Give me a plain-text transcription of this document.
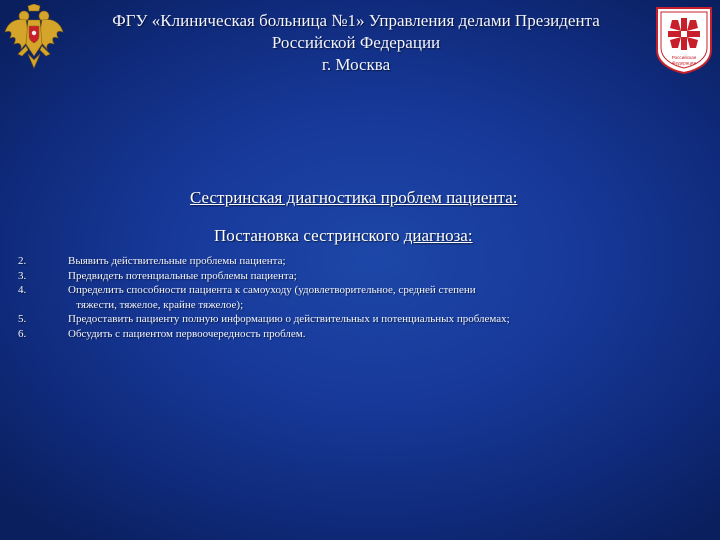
ФГУ «Клиническая больница №1» Управления делами Президента
Российской Федерации
г. Москва	Российская
Федерация
Сестринская диагностика проблем пациента:
Постановка сестринского диагноза:
2.	Выявить действительные проблемы пациента;
3.	Предвидеть потенциальные проблемы пациента;
4.	Определить способности пациента к самоуходу (удовлетворительное, средней степени
тяжести, тяжелое, крайне тяжелое);
5.	Предоставить пациенту полную информацию о действительных и потенциальных проблемах;
6.	Обсудить с пациентом первоочередность проблем.
